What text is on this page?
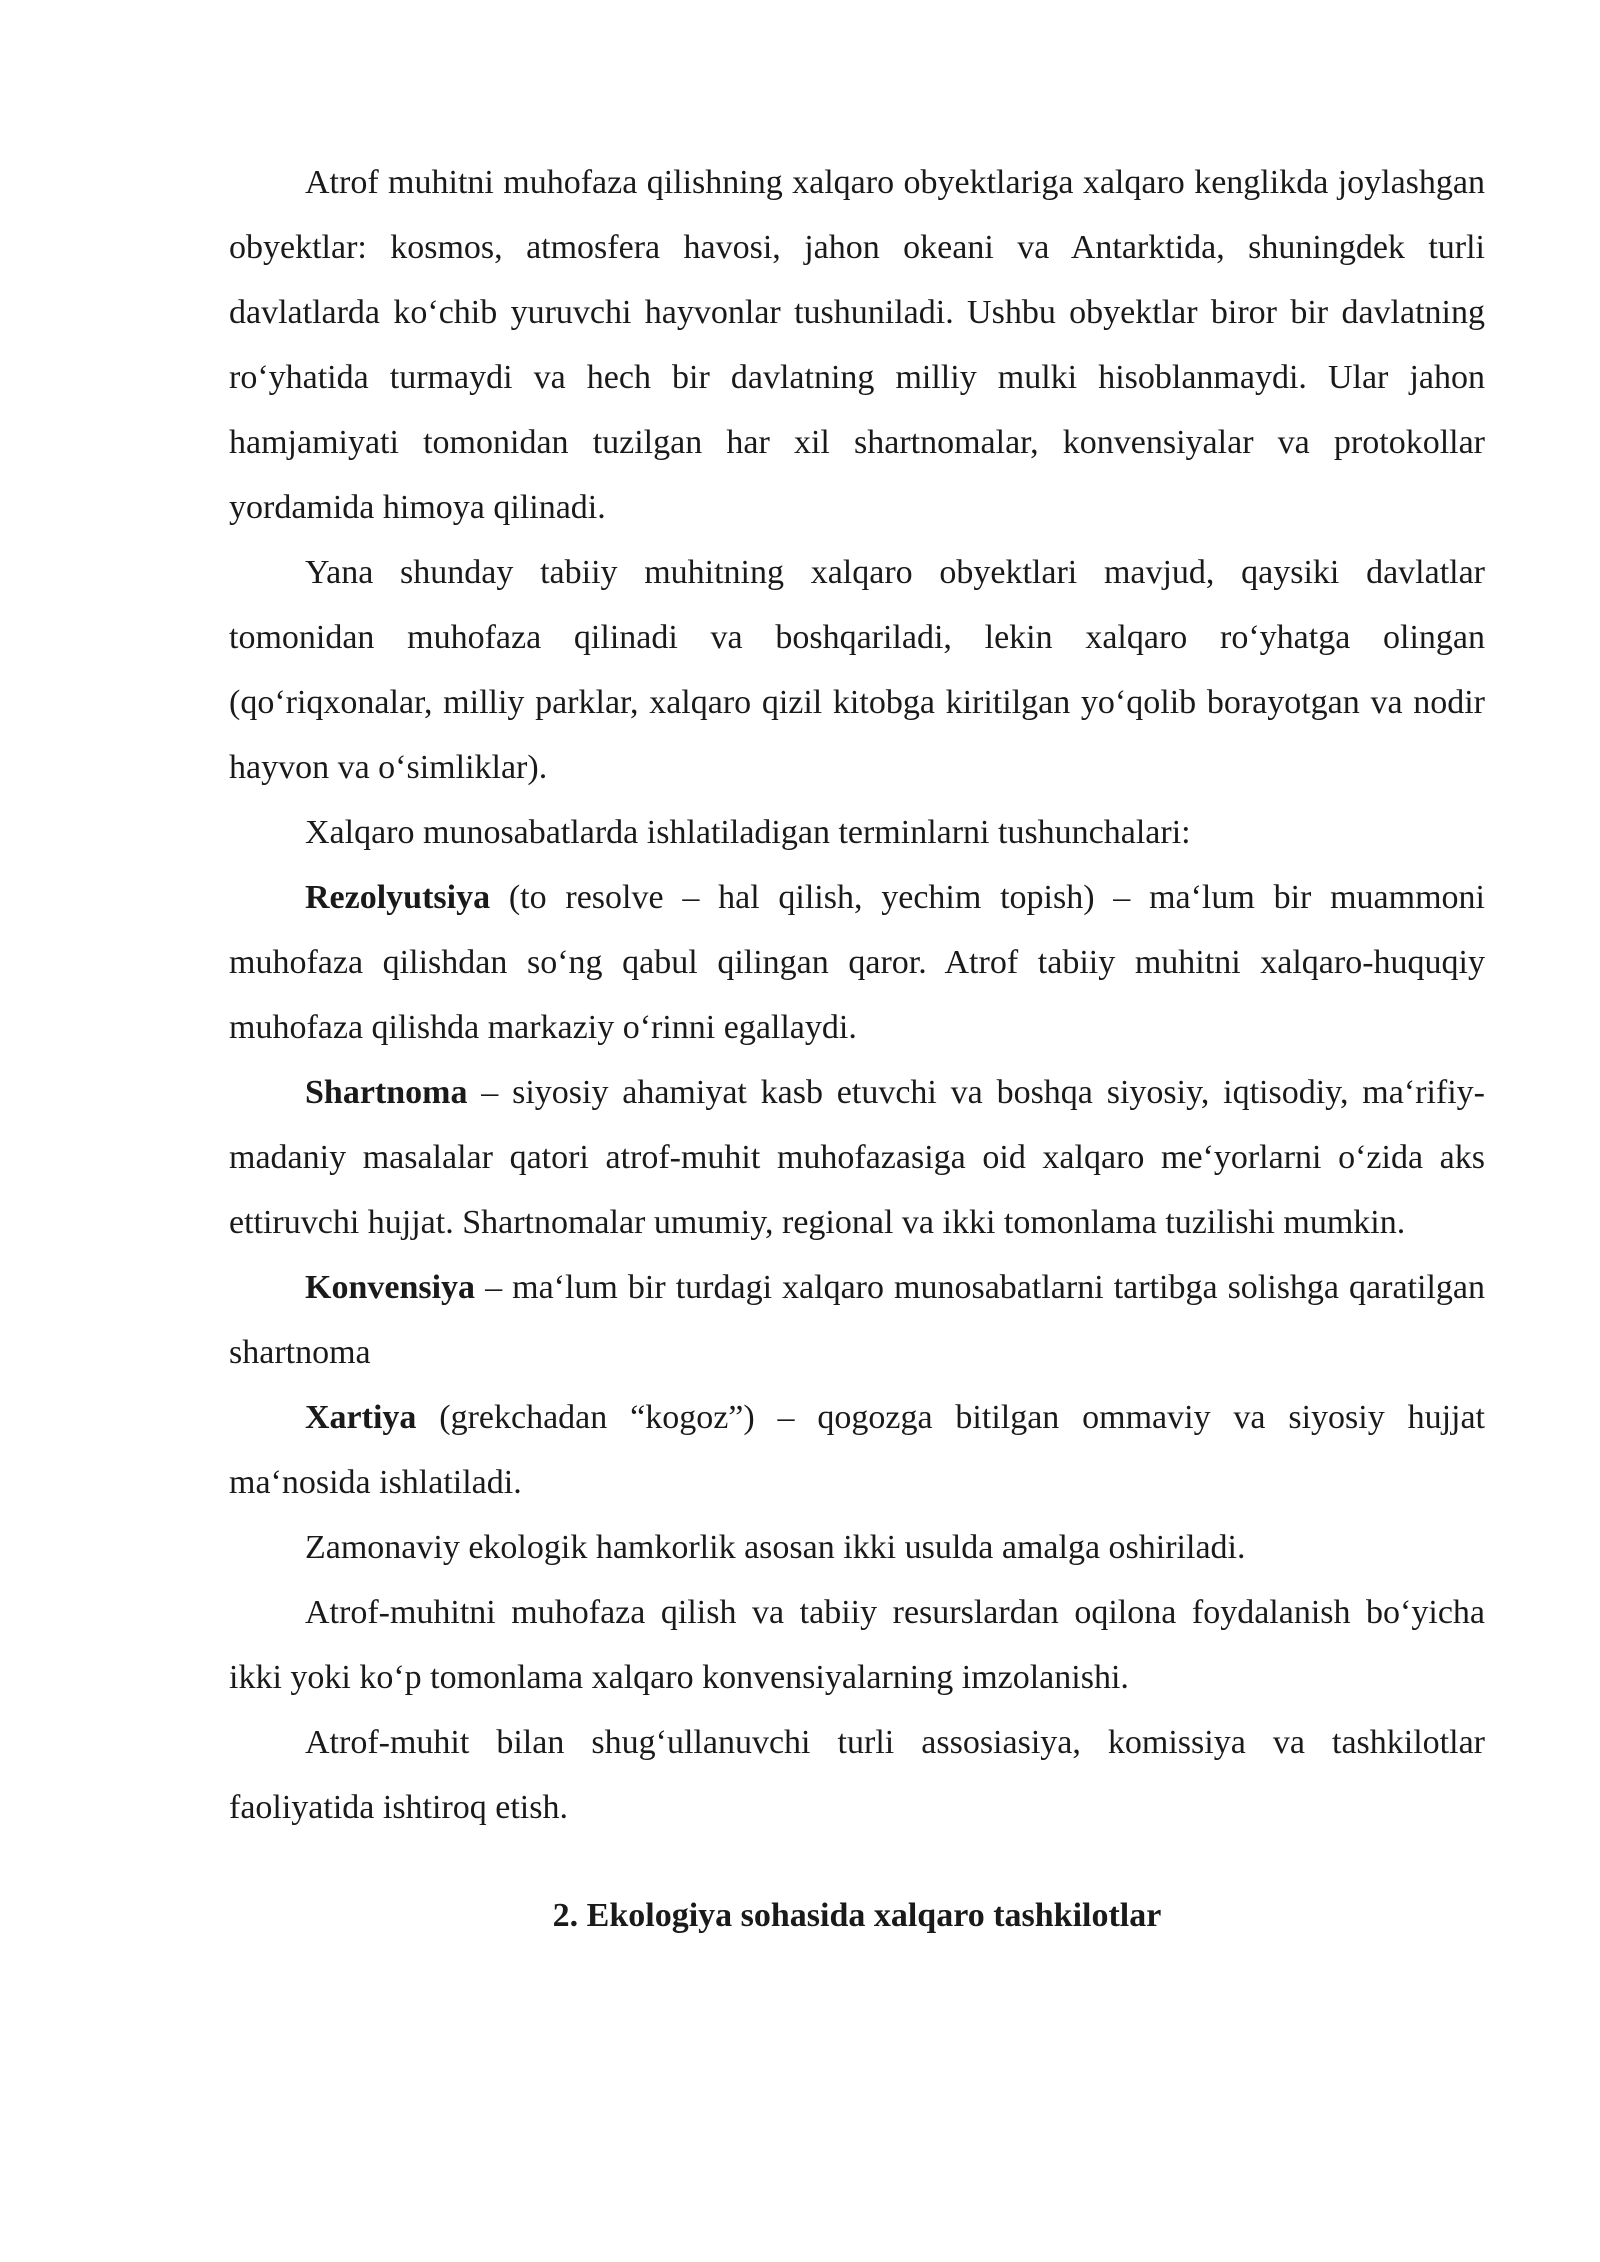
Atrof muhitni muhofaza qilishning xalqaro obyektlariga xalqaro kenglikda joylashgan obyektlar: kosmos, atmosfera havosi, jahon okeani va Antarktida, shuningdek turli davlatlarda ko‘chib yuruvchi hayvonlar tushuniladi. Ushbu obyektlar biror bir davlatning ro‘yhatida turmaydi va hech bir davlatning milliy mulki hisoblanmaydi. Ular jahon hamjamiyati tomonidan tuzilgan har xil shartnomalar, konvensiyalar va protokollar yordamida himoya qilinadi.

Yana shunday tabiiy muhitning xalqaro obyektlari mavjud, qaysiki davlatlar tomonidan muhofaza qilinadi va boshqariladi, lekin xalqaro ro‘yhatga olingan (qo‘riqxonalar, milliy parklar, xalqaro qizil kitobga kiritilgan yo‘qolib borayotgan va nodir hayvon va o‘simliklar).

Xalqaro munosabatlarda ishlatiladigan terminlarni tushunchalari:

Rezolyutsiya (to resolve – hal qilish, yechim topish) – ma‘lum bir muammoni muhofaza qilishdan so‘ng qabul qilingan qaror. Atrof tabiiy muhitni xalqaro-huquqiy muhofaza qilishda markaziy o‘rinni egallaydi.

Shartnoma – siyosiy ahamiyat kasb etuvchi va boshqa siyosiy, iqtisodiy, ma‘rifiy-madaniy masalalar qatori atrof-muhit muhofazasiga oid xalqaro me‘yorlarni o‘zida aks ettiruvchi hujjat. Shartnomalar umumiy, regional va ikki tomonlama tuzilishi mumkin.

Konvensiya – ma‘lum bir turdagi xalqaro munosabatlarni tartibga solishga qaratilgan shartnoma

Xartiya (grekchadan “kogoz”) – qogozga bitilgan ommaviy va siyosiy hujjat ma‘nosida ishlatiladi.

Zamonaviy ekologik hamkorlik asosan ikki usulda amalga oshiriladi.

Atrof-muhitni muhofaza qilish va tabiiy resurslardan oqilona foydalanish bo‘yicha ikki yoki ko‘p tomonlama xalqaro konvensiyalarning imzolanishi.

Atrof-muhit bilan shug‘ullanuvchi turli assosiasiya, komissiya va tashkilotlar faoliyatida ishtiroq etish.

2. Ekologiya sohasida xalqaro tashkilotlar
